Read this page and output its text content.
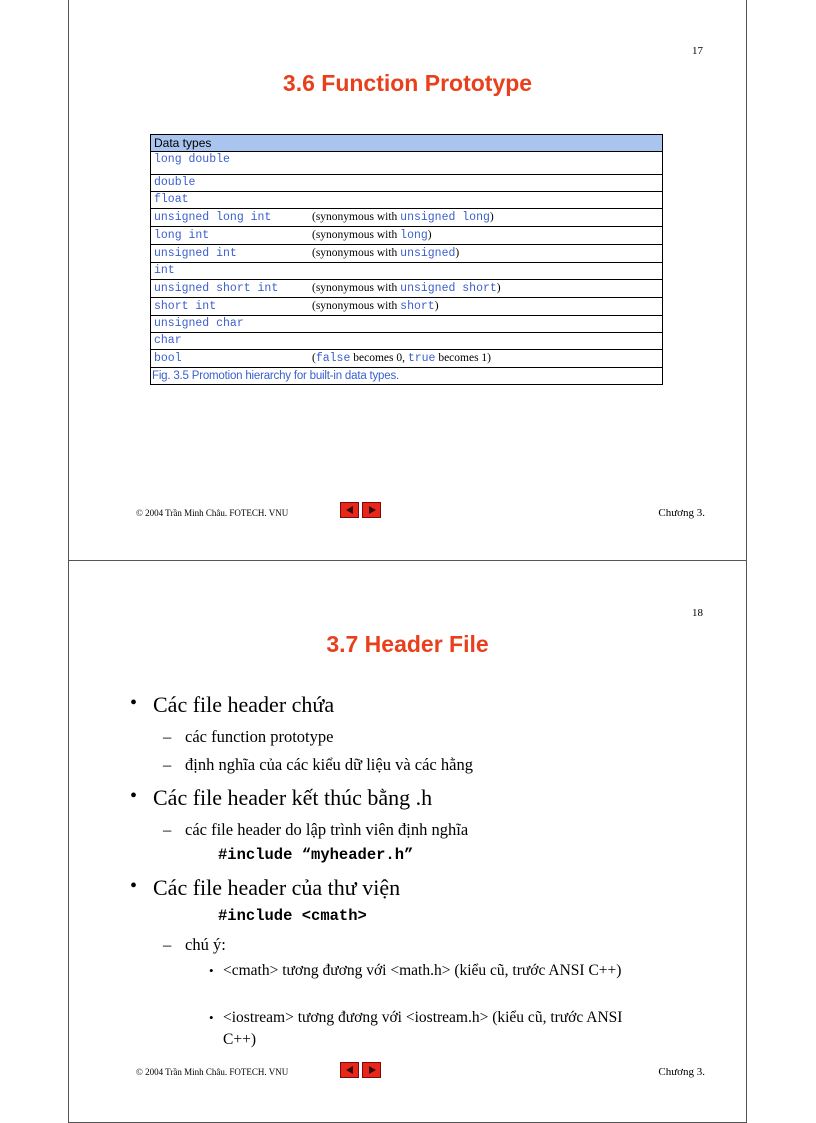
17
3.6 Function Prototype
Data types	
long double	
double	
float	
unsigned long int	(synonymous with unsigned long)
long int	(synonymous with long)
unsigned int	(synonymous with unsigned)
int	
unsigned short int	(synonymous with unsigned short)
short int	(synonymous with short)
unsigned char	
char	
bool	(false becomes 0, true becomes 1)
Fig. 3.5 Promotion hierarchy for built-in data types.	
© 2004 Trần Minh Châu. FOTECH. VNU	Chương 3.
18
3.7 Header File
• Các file header chứa
– các function prototype
– định nghĩa của các kiểu dữ liệu và các hằng
• Các file header kết thúc bằng .h
– các file header do lập trình viên định nghĩa
#include “myheader.h”
• Các file header của thư viện
#include <cmath>
– chú ý:
• <cmath> tương đương với <math.h> (kiểu cũ, trước ANSI C++)
• <iostream> tương đương với <iostream.h> (kiểu cũ, trước ANSI C++)
© 2004 Trần Minh Châu. FOTECH. VNU	Chương 3.
